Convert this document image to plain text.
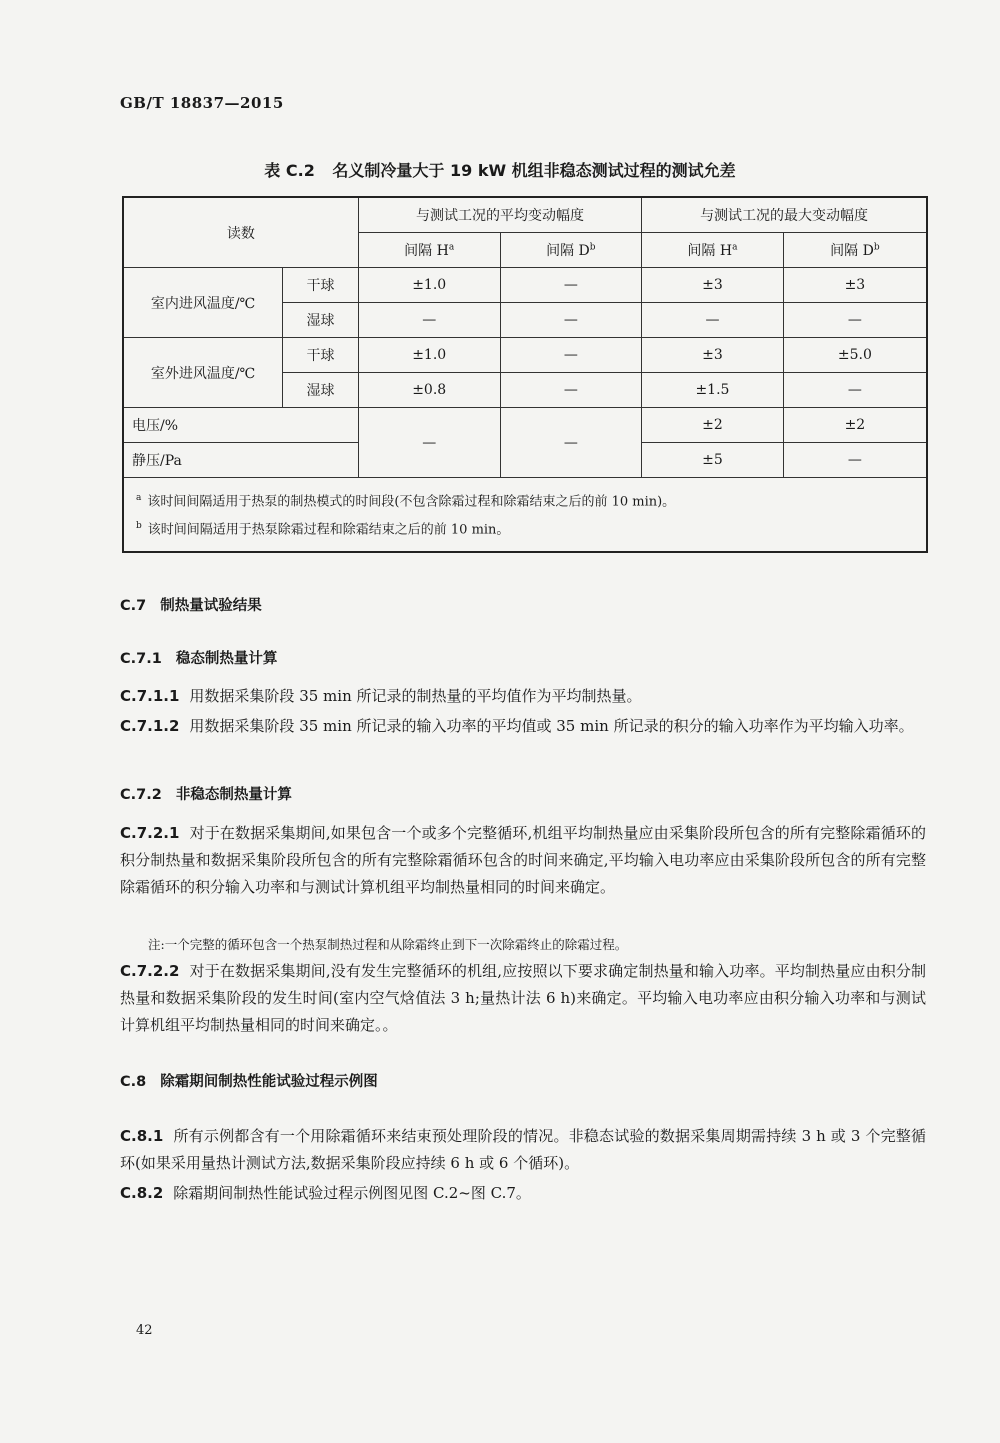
GB/T 18837—2015
表 C.2 名义制冷量大于 19 kW 机组非稳态测试过程的测试允差
读数		与测试工况的平均变动幅度		与测试工况的最大变动幅度	
		间隔 $H^a$	间隔 $D^b$	间隔 $H^a$	间隔 $D^b$
室内进风温度/℃	干球	±1.0	—	±3	±3
	湿球	—	—	—	—
室外进风温度/℃	干球	±1.0	—	±3	±5.0
	湿球	±0.8	—	±1.5	—
电压/%		—	—	±2	±2
静压/Pa				±5	—

$^a$ 该时间间隔适用于热泵的制热模式的时间段(不包含除霜过程和除霜结束之后的前 10 min)。
$^b$ 该时间间隔适用于热泵除霜过程和除霜结束之后的前 10 min。					
C.7 制热量试验结果
C.7.1 稳态制热量计算
C.7.1.1 用数据采集阶段 35 min 所记录的制热量的平均值作为平均制热量。
C.7.1.2 用数据采集阶段 35 min 所记录的输入功率的平均值或 35 min 所记录的积分的输入功率作为平均输入功率。
C.7.2 非稳态制热量计算
C.7.2.1 对于在数据采集期间,如果包含一个或多个完整循环,机组平均制热量应由采集阶段所包含的所有完整除霜循环的积分制热量和数据采集阶段所包含的所有完整除霜循环包含的时间来确定,平均输入电功率应由采集阶段所包含的所有完整除霜循环的积分输入功率和与测试计算机组平均制热量相同的时间来确定。
注:一个完整的循环包含一个热泵制热过程和从除霜终止到下一次除霜终止的除霜过程。
C.7.2.2 对于在数据采集期间,没有发生完整循环的机组,应按照以下要求确定制热量和输入功率。平均制热量应由积分制热量和数据采集阶段的发生时间(室内空气焓值法 3 h;量热计法 6 h)来确定。平均输入电功率应由积分输入功率和与测试计算机组平均制热量相同的时间来确定。。
C.8 除霜期间制热性能试验过程示例图
C.8.1 所有示例都含有一个用除霜循环来结束预处理阶段的情况。非稳态试验的数据采集周期需持续 3 h 或 3 个完整循环(如果采用量热计测试方法,数据采集阶段应持续 6 h 或 6 个循环)。
C.8.2 除霜期间制热性能试验过程示例图见图 C.2~图 C.7。
42
